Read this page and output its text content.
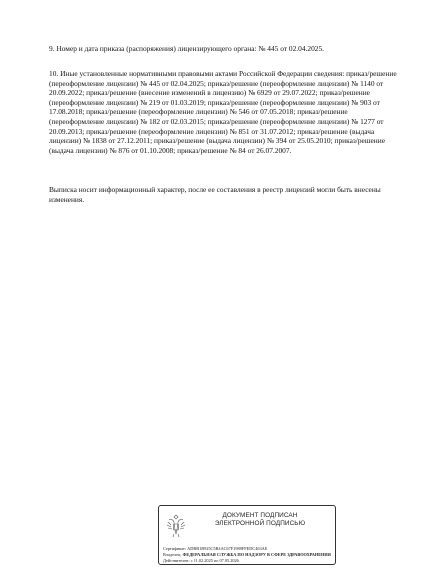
9. Номер и дата приказа (распоряжения) лицензирующего органа: № 445 от 02.04.2025.

10. Иные установленные нормативными правовыми актами Российской Федерации сведения: приказ/решение (переоформление лицензии) № 445 от 02.04.2025; приказ/решение (переоформление лицензии) № 1140 от 20.09.2022; приказ/решение (внесение изменений в лицензию) № 6929 от 29.07.2022; приказ/решение (переоформление лицензии) № 219 от 01.03.2019; приказ/решение (переоформление лицензии) № 903 от 17.08.2018; приказ/решение (переоформление лицензии) № 546 от 07.05.2018; приказ/решение (переоформление лицензии) № 182 от 02.03.2015; приказ/решение (переоформление лицензии) № 1277 от 20.09.2013; приказ/решение (переоформление лицензии) № 851 от 31.07.2012; приказ/решение (выдача лицензии) № 1838 от 27.12.2011; приказ/решение (выдача лицензии) № 394 от 25.05.2010; приказ/решение (выдача лицензии) № 876 от 01.10.2008; приказ/решение № 84 от 26.07.2007.

Выписка носит информационный характер, после ее составления в реестр лицензий могли быть внесены изменения.

ДОКУМЕНТ ПОДПИСАН
ЭЛЕКТРОННОЙ ПОДПИСЬЮ
Сертификат: ADBB1B925C5B4AC67F1988FFEDC463AE
Владелец: ФЕДЕРАЛЬНАЯ СЛУЖБА ПО НАДЗОРУ В СФЕРЕ ЗДРАВООХРАНЕНИЯ
Действителен: с 11.02.2025 по 07.05.2026
